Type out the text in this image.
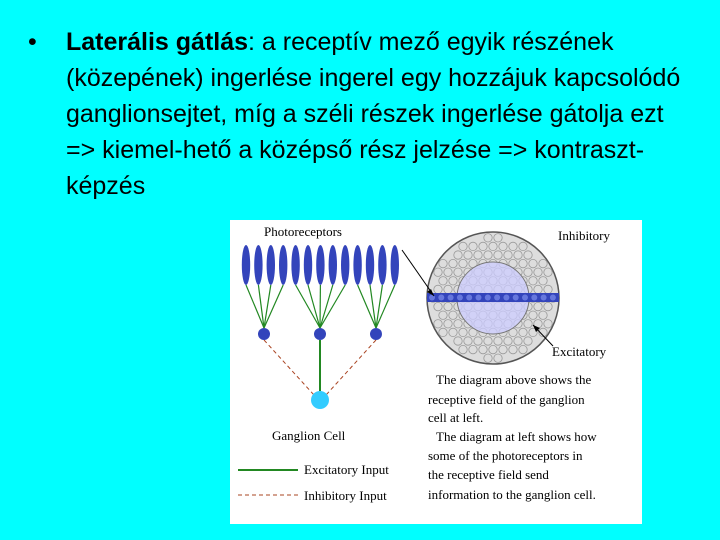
•	Laterális gátlás: a receptív mező egyik részének (közepének) ingerlése ingerel egy hozzájuk kapcsolódó ganglionsejtet, míg a széli részek ingerlése gátolja ezt => kiemel-hető a középső rész jelzése => kontraszt-képzés
Photoreceptors
Ganglion Cell
Excitatory Input
Inhibitory Input
Inhibitory
Excitatory
The diagram above shows the
receptive field of the ganglion
cell at left.
The diagram at left shows how
some of the photoreceptors in
the receptive field send
information to the ganglion cell.
